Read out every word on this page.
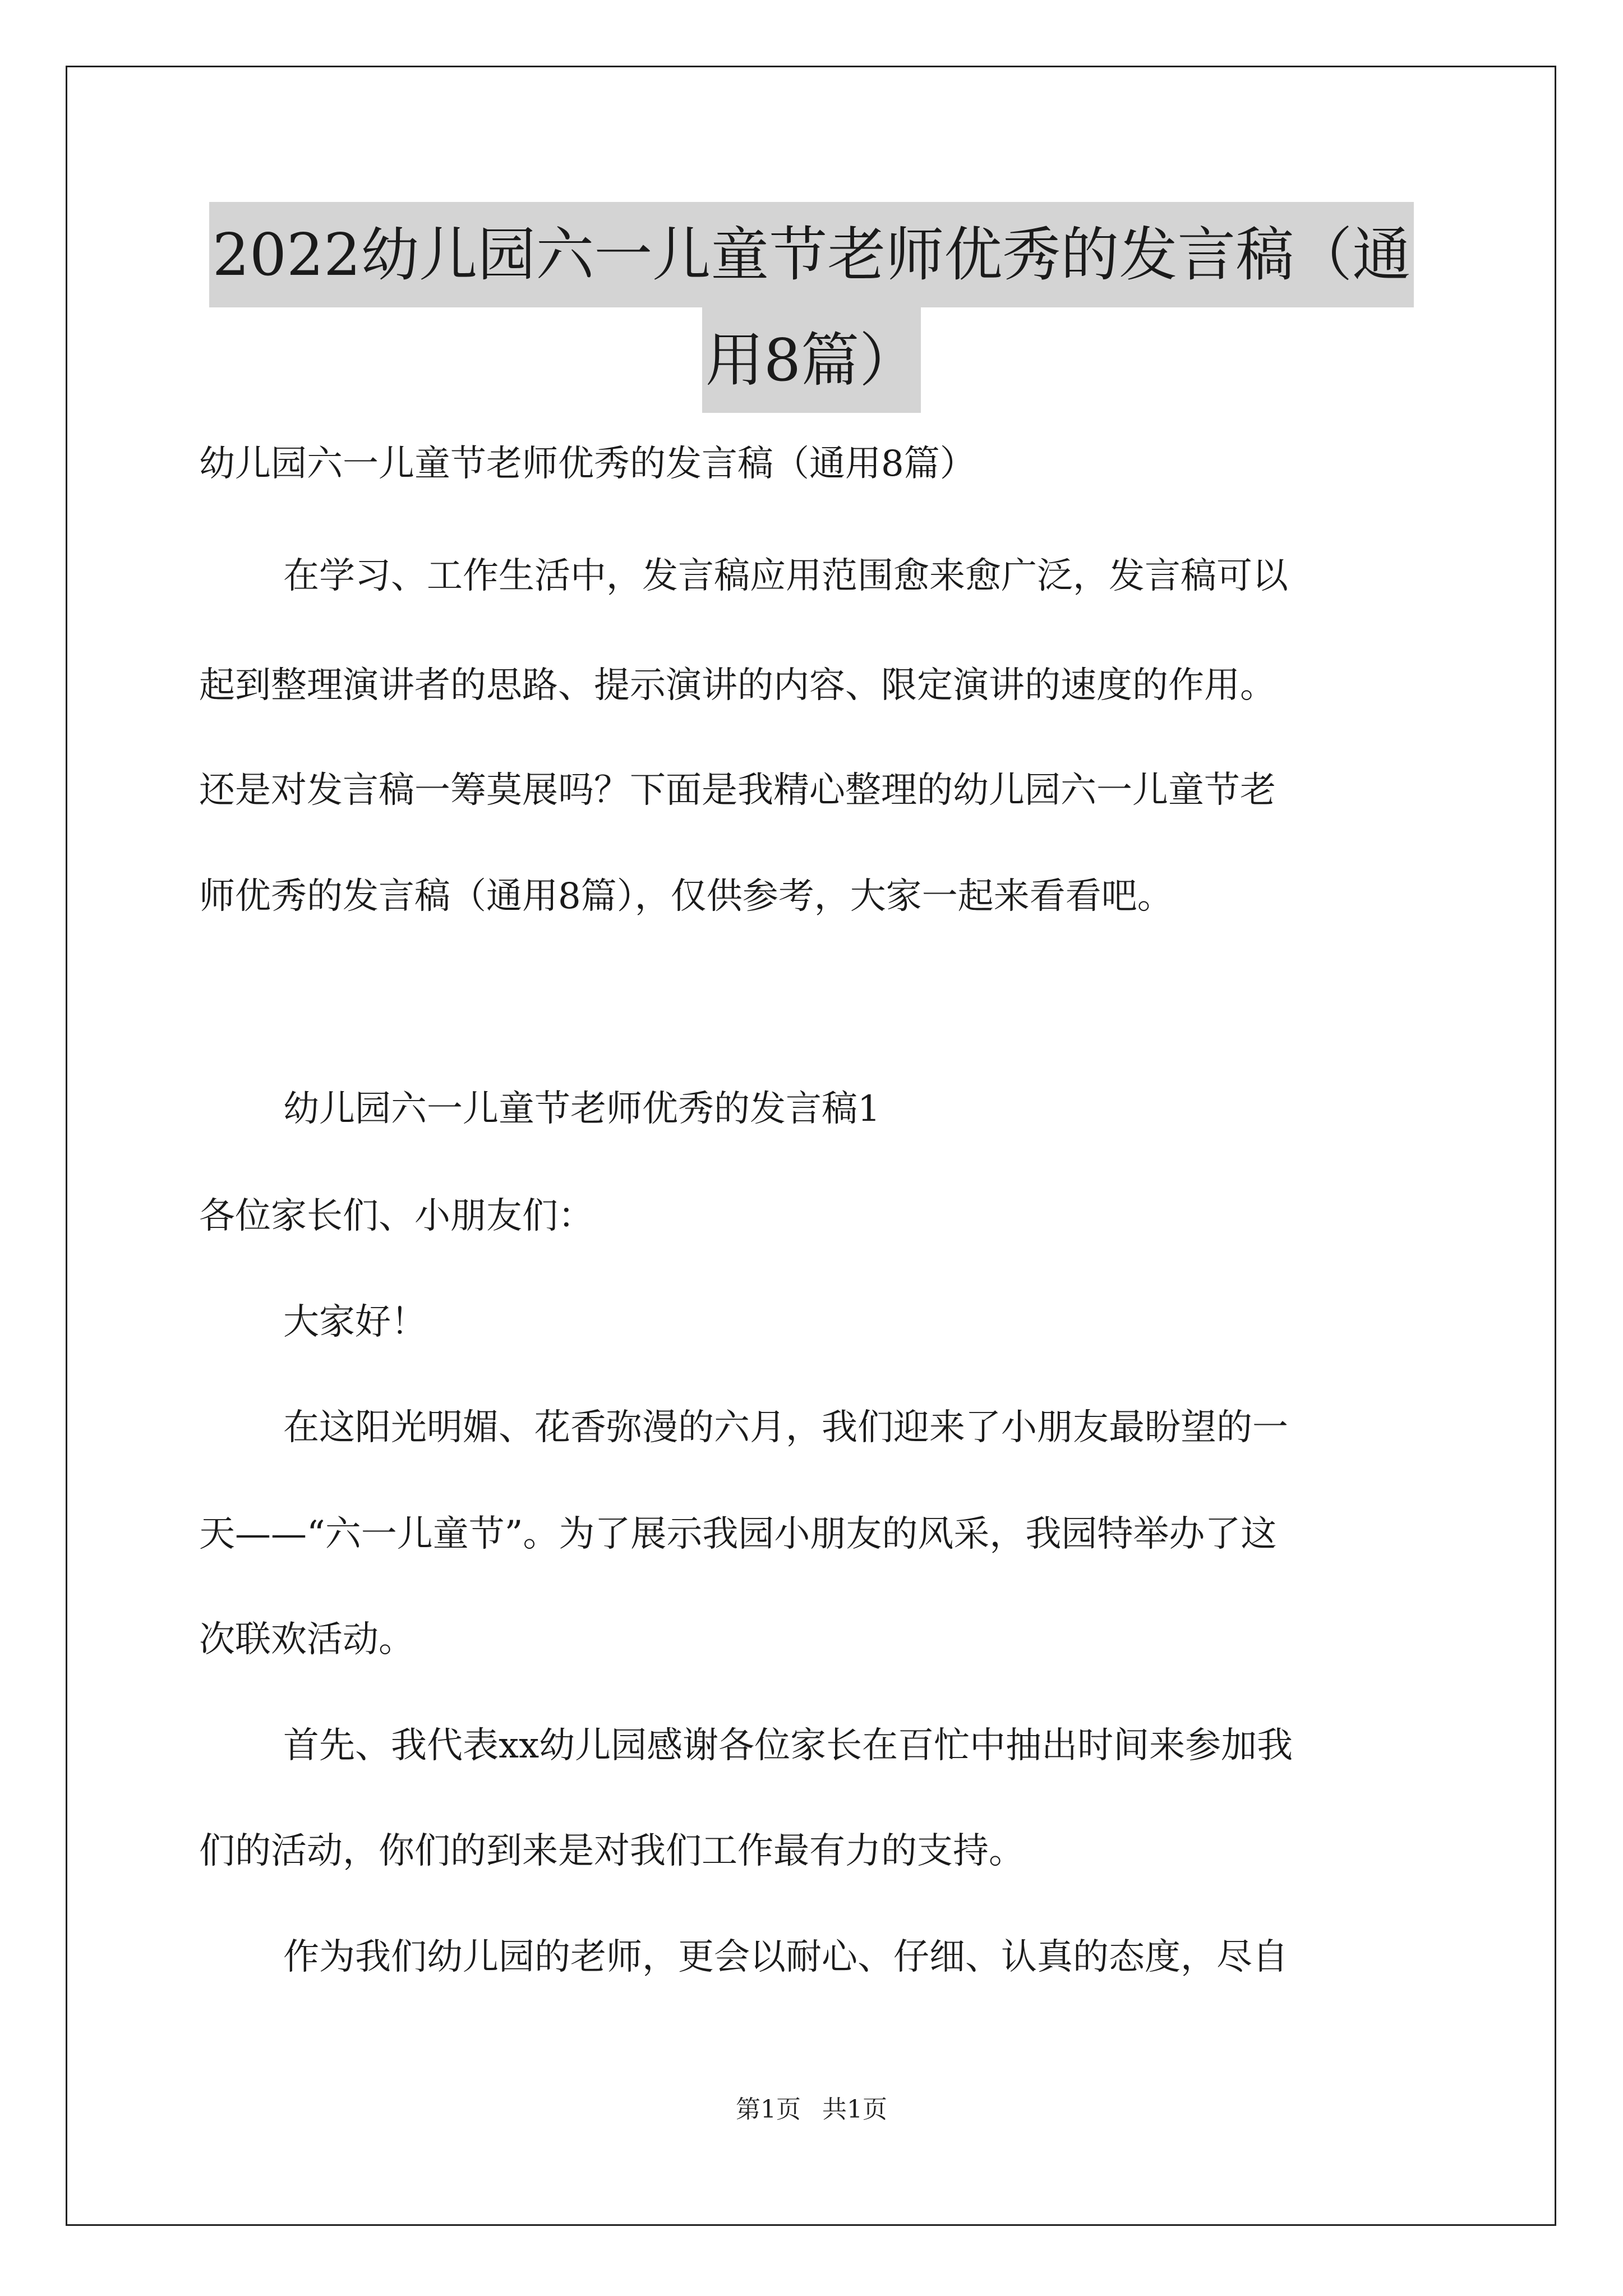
2022幼儿园六一儿童节老师优秀的发言稿（通
用8篇）
幼儿园六一儿童节老师优秀的发言稿（通用8篇）
在学习、工作生活中，发言稿应用范围愈来愈广泛，发言稿可以
起到整理演讲者的思路、提示演讲的内容、限定演讲的速度的作用。
还是对发言稿一筹莫展吗？下面是我精心整理的幼儿园六一儿童节老
师优秀的发言稿（通用8篇），仅供参考，大家一起来看看吧。
幼儿园六一儿童节老师优秀的发言稿1
各位家长们、小朋友们：
大家好！
在这阳光明媚、花香弥漫的六月，我们迎来了小朋友最盼望的一
天——“六一儿童节”。为了展示我园小朋友的风采，我园特举办了这
次联欢活动。
首先、我代表xx幼儿园感谢各位家长在百忙中抽出时间来参加我
们的活动，你们的到来是对我们工作最有力的支持。
作为我们幼儿园的老师，更会以耐心、仔细、认真的态度，尽自
第1页 共1页
